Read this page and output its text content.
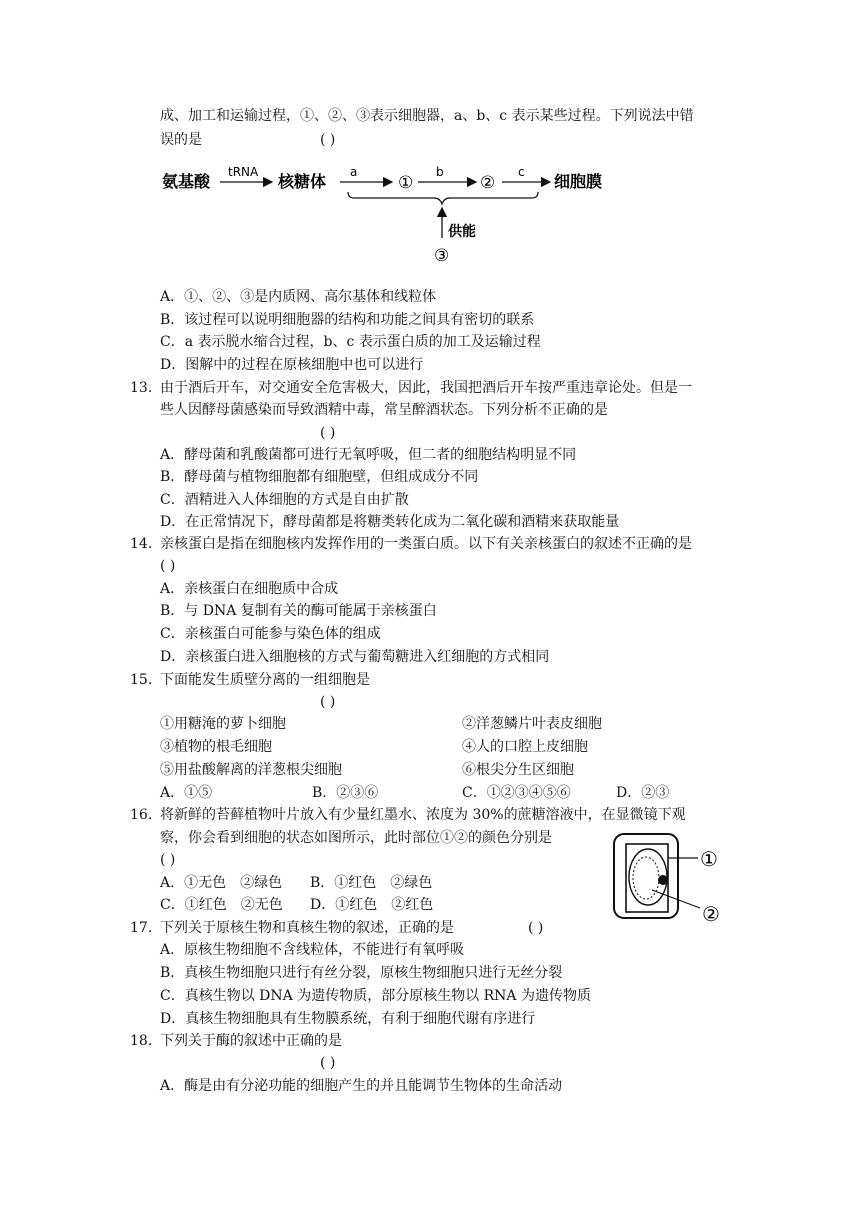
成、加工和运输过程，①、②、③表示细胞器，a、b、c 表示某些过程。下列说法中错
误的是	( )
氨基酸 tRNA 核糖体 a
①
b
②
c 细胞膜
供能
③
A．①、②、③是内质网、高尔基体和线粒体
B．该过程可以说明细胞器的结构和功能之间具有密切的联系
C．a 表示脱水缩合过程，b、c 表示蛋白质的加工及运输过程
D．图解中的过程在原核细胞中也可以进行
13. 由于酒后开车，对交通安全危害极大，因此，我国把酒后开车按严重违章论处。但是一
些人因酵母菌感染而导致酒精中毒，常呈醉酒状态。下列分析不正确的是
( )
A．酵母菌和乳酸菌都可进行无氧呼吸，但二者的细胞结构明显不同
B．酵母菌与植物细胞都有细胞壁，但组成成分不同
C．酒精进入人体细胞的方式是自由扩散
D．在正常情况下，酵母菌都是将糖类转化成为二氧化碳和酒精来获取能量
14. 亲核蛋白是指在细胞核内发挥作用的一类蛋白质。以下有关亲核蛋白的叙述不正确的是
( )
A．亲核蛋白在细胞质中合成
B．与 DNA 复制有关的酶可能属于亲核蛋白
C．亲核蛋白可能参与染色体的组成
D．亲核蛋白进入细胞核的方式与葡萄糖进入红细胞的方式相同
15. 下面能发生质壁分离的一组细胞是
( )
①用糖淹的萝卜细胞	②洋葱鳞片叶表皮细胞
③植物的根毛细胞	④人的口腔上皮细胞
⑤用盐酸解离的洋葱根尖细胞	⑥根尖分生区细胞
A．①⑤	B．②③⑥	C．①②③④⑤⑥	D．②③
16. 将新鲜的苔藓植物叶片放入有少量红墨水、浓度为 30%的蔗糖溶液中，在显微镜下观
察，你会看到细胞的状态如图所示，此时部位①②的颜色分别是
( )
A．①无色　②绿色 B．①红色　②绿色
C．①红色　②无色 D．①红色　②红色
①
②
17. 下列关于原核生物和真核生物的叙述，正确的是	( )
A．原核生物细胞不含线粒体，不能进行有氧呼吸
B．真核生物细胞只进行有丝分裂，原核生物细胞只进行无丝分裂
C．真核生物以 DNA 为遗传物质，部分原核生物以 RNA 为遗传物质
D．真核生物细胞具有生物膜系统，有利于细胞代谢有序进行
18. 下列关于酶的叙述中正确的是
( )
A．酶是由有分泌功能的细胞产生的并且能调节生物体的生命活动
